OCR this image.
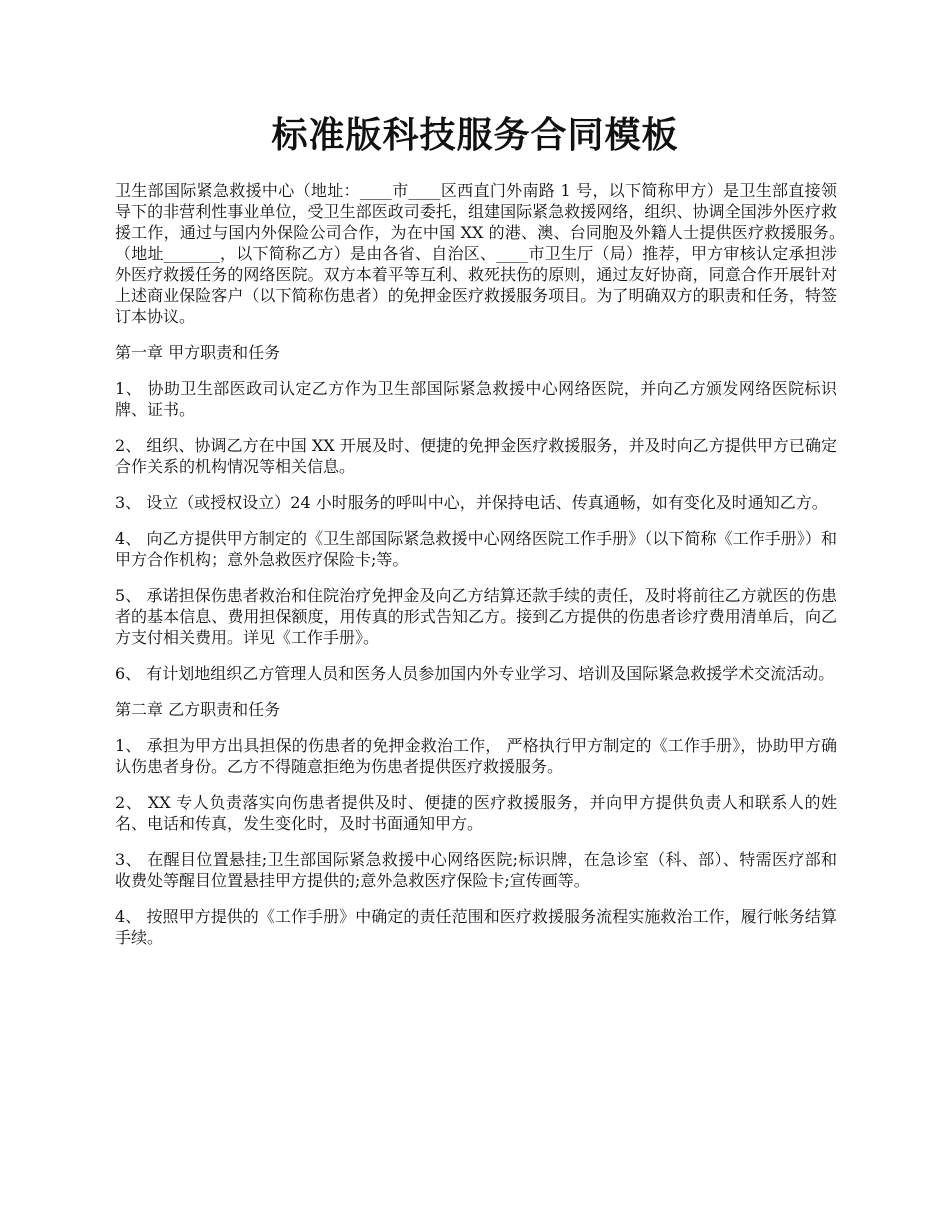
标准版科技服务合同模板

卫生部国际紧急救援中心（地址：____市____区西直门外南路 1 号，以下简称甲方）是卫生部直接领导下的非营利性事业单位，受卫生部医政司委托，组建国际紧急救援网络，组织、协调全国涉外医疗救援工作，通过与国内外保险公司合作，为在中国 XX 的港、澳、台同胞及外籍人士提供医疗救援服务。　　（地址_______，以下简称乙方）是由各省、自治区、____市卫生厅（局）推荐，甲方审核认定承担涉外医疗救援任务的网络医院。双方本着平等互利、救死扶伤的原则，通过友好协商，同意合作开展针对上述商业保险客户（以下简称伤患者）的免押金医疗救援服务项目。为了明确双方的职责和任务，特签订本协议。

第一章 甲方职责和任务

1、 协助卫生部医政司认定乙方作为卫生部国际紧急救援中心网络医院，并向乙方颁发网络医院标识牌、证书。

2、 组织、协调乙方在中国 XX 开展及时、便捷的免押金医疗救援服务，并及时向乙方提供甲方已确定合作关系的机构情况等相关信息。

3、 设立（或授权设立）24 小时服务的呼叫中心，并保持电话、传真通畅，如有变化及时通知乙方。

4、 向乙方提供甲方制定的《卫生部国际紧急救援中心网络医院工作手册》（以下简称《工作手册》）和甲方合作机构；意外急救医疗保险卡;等。

5、 承诺担保伤患者救治和住院治疗免押金及向乙方结算还款手续的责任，及时将前往乙方就医的伤患者的基本信息、费用担保额度，用传真的形式告知乙方。接到乙方提供的伤患者诊疗费用清单后，向乙方支付相关费用。详见《工作手册》。

6、 有计划地组织乙方管理人员和医务人员参加国内外专业学习、培训及国际紧急救援学术交流活动。

第二章 乙方职责和任务

1、 承担为甲方出具担保的伤患者的免押金救治工作， 严格执行甲方制定的《工作手册》，协助甲方确认伤患者身份。乙方不得随意拒绝为伤患者提供医疗救援服务。

2、 XX 专人负责落实向伤患者提供及时、便捷的医疗救援服务，并向甲方提供负责人和联系人的姓名、电话和传真，发生变化时，及时书面通知甲方。

3、 在醒目位置悬挂;卫生部国际紧急救援中心网络医院;标识牌，在急诊室（科、部）、特需医疗部和收费处等醒目位置悬挂甲方提供的;意外急救医疗保险卡;宣传画等。

4、 按照甲方提供的《工作手册》中确定的责任范围和医疗救援服务流程实施救治工作，履行帐务结算手续。
